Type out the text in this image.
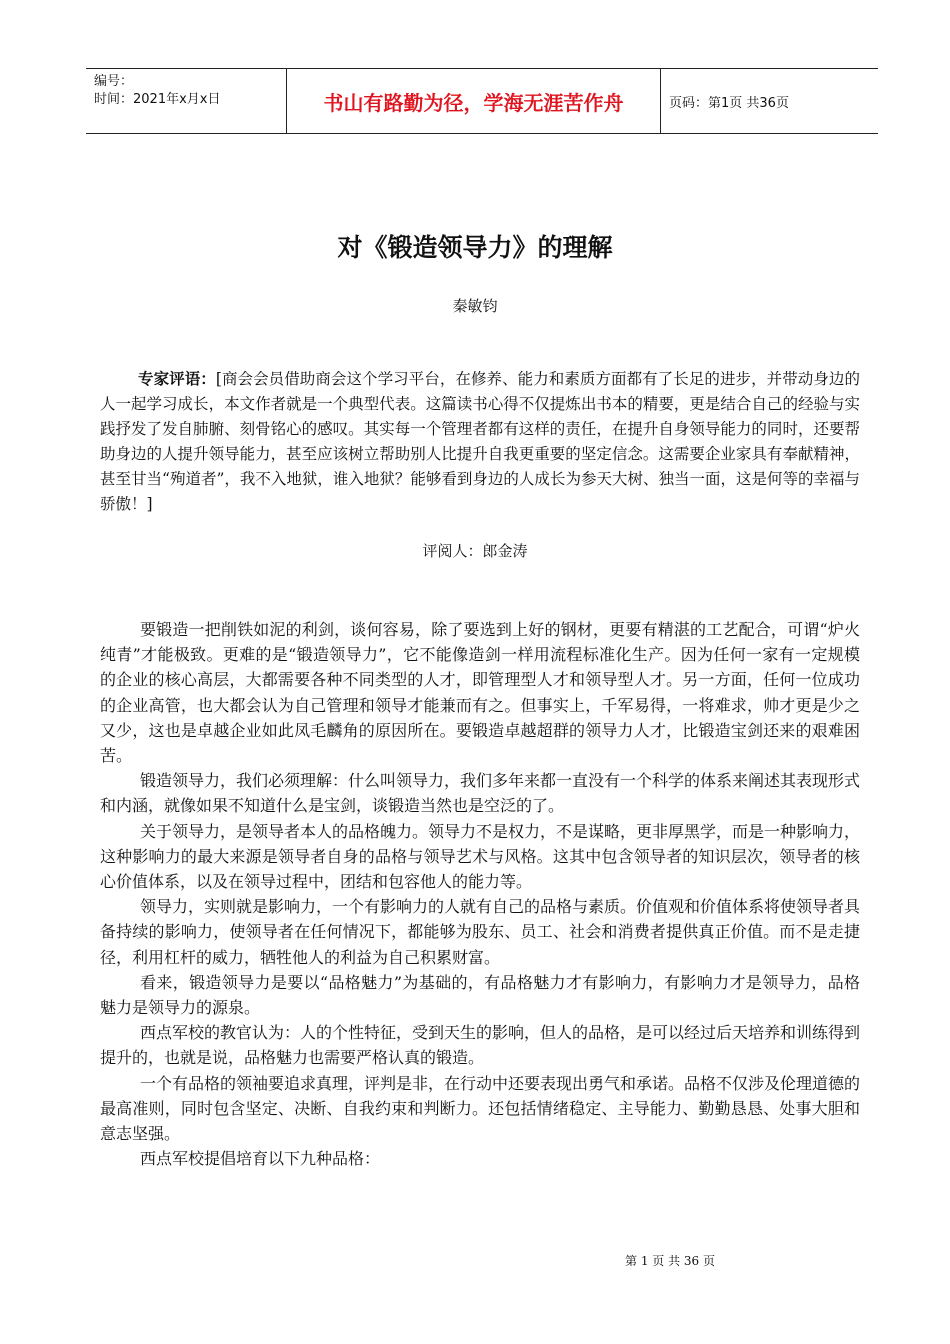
编号：
时间：2021年x月x日	书山有路勤为径，学海无涯苦作舟	页码：第1页 共36页
对《锻造领导力》的理解
秦敏钧
专家评语：[商会会员借助商会这个学习平台，在修养、能力和素质方面都有了长足的进步，并带动身边的人一起学习成长，本文作者就是一个典型代表。这篇读书心得不仅提炼出书本的精要，更是结合自己的经验与实践抒发了发自肺腑、刻骨铭心的感叹。其实每一个管理者都有这样的责任，在提升自身领导能力的同时，还要帮助身边的人提升领导能力，甚至应该树立帮助别人比提升自我更重要的坚定信念。这需要企业家具有奉献精神，甚至甘当“殉道者”，我不入地狱，谁入地狱？能够看到身边的人成长为参天大树、独当一面，这是何等的幸福与骄傲！]
评阅人：郎金涛

要锻造一把削铁如泥的利剑，谈何容易，除了要选到上好的钢材，更要有精湛的工艺配合，可谓“炉火纯青”才能极致。更难的是“锻造领导力”，它不能像造剑一样用流程标准化生产。因为任何一家有一定规模的企业的核心高层，大都需要各种不同类型的人才，即管理型人才和领导型人才。另一方面，任何一位成功的企业高管，也大都会认为自己管理和领导才能兼而有之。但事实上，千军易得，一将难求，帅才更是少之又少，这也是卓越企业如此凤毛麟角的原因所在。要锻造卓越超群的领导力人才，比锻造宝剑还来的艰难困苦。

锻造领导力，我们必须理解：什么叫领导力，我们多年来都一直没有一个科学的体系来阐述其表现形式和内涵，就像如果不知道什么是宝剑，谈锻造当然也是空泛的了。

关于领导力，是领导者本人的品格魄力。领导力不是权力，不是谋略，更非厚黑学，而是一种影响力，这种影响力的最大来源是领导者自身的品格与领导艺术与风格。这其中包含领导者的知识层次，领导者的核心价值体系，以及在领导过程中，团结和包容他人的能力等。

领导力，实则就是影响力，一个有影响力的人就有自己的品格与素质。价值观和价值体系将使领导者具备持续的影响力，使领导者在任何情况下，都能够为股东、员工、社会和消费者提供真正价值。而不是走捷径，利用杠杆的威力，牺牲他人的利益为自己积累财富。

看来，锻造领导力是要以“品格魅力”为基础的，有品格魅力才有影响力，有影响力才是领导力，品格魅力是领导力的源泉。

西点军校的教官认为：人的个性特征，受到天生的影响，但人的品格，是可以经过后天培养和训练得到提升的，也就是说，品格魅力也需要严格认真的锻造。

一个有品格的领袖要追求真理，评判是非，在行动中还要表现出勇气和承诺。品格不仅涉及伦理道德的最高准则，同时包含坚定、决断、自我约束和判断力。还包括情绪稳定、主导能力、勤勤恳恳、处事大胆和意志坚强。

西点军校提倡培育以下九种品格：

第 1 页 共 36 页
